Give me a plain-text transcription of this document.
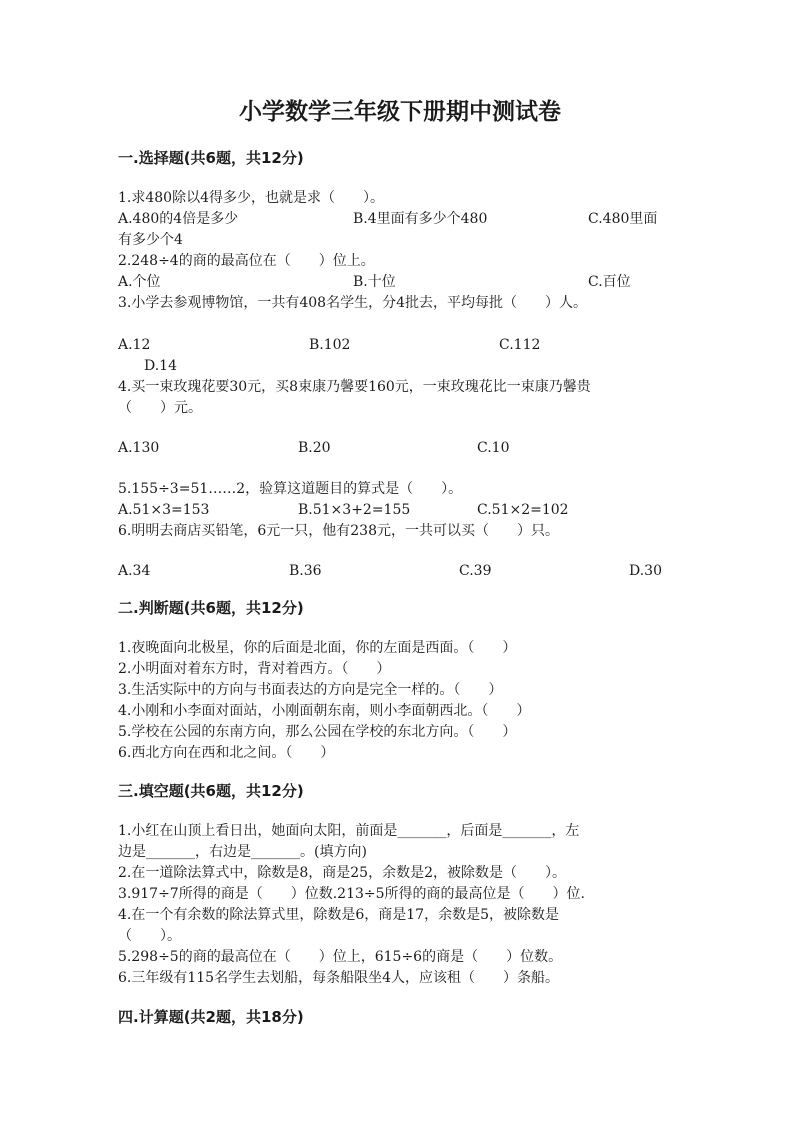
小学数学三年级下册期中测试卷
一.选择题(共6题，共12分)
1.求480除以4得多少，也就是求（　　）。
A.480的4倍是多少	B.4里面有多少个480	C.480里面
有多少个4
2.248÷4的商的最高位在（　　）位上。
A.个位	B.十位	C.百位
3.小学去参观博物馆，一共有408名学生，分4批去，平均每批（　　）人。
A.12	B.102	C.112
D.14
4.买一束玫瑰花要30元，买8束康乃馨要160元，一束玫瑰花比一束康乃馨贵
（　　）元。
A.130	B.20	C.10
5.155÷3=51……2，验算这道题目的算式是（　　）。
A.51×3=153	B.51×3+2=155	C.51×2=102
6.明明去商店买铅笔，6元一只，他有238元，一共可以买（　　）只。
A.34	B.36	C.39	D.30
二.判断题(共6题，共12分)
1.夜晚面向北极星，你的后面是北面，你的左面是西面。（　　）
2.小明面对着东方时，背对着西方。（　　）
3.生活实际中的方向与书面表达的方向是完全一样的。（　　）
4.小刚和小李面对面站，小刚面朝东南，则小李面朝西北。（　　）
5.学校在公园的东南方向，那么公园在学校的东北方向。（　　）
6.西北方向在西和北之间。（　　）
三.填空题(共6题，共12分)
1.小红在山顶上看日出，她面向太阳，前面是_______，后面是_______，左
边是_______，右边是_______。(填方向)
2.在一道除法算式中，除数是8，商是25，余数是2，被除数是（　　）。
3.917÷7所得的商是（　　）位数.213÷5所得的商的最高位是（　　）位.
4.在一个有余数的除法算式里，除数是6，商是17，余数是5，被除数是
（　　）。
5.298÷5的商的最高位在（　　）位上，615÷6的商是（　　）位数。
6.三年级有115名学生去划船，每条船限坐4人，应该租（　　）条船。
四.计算题(共2题，共18分)
